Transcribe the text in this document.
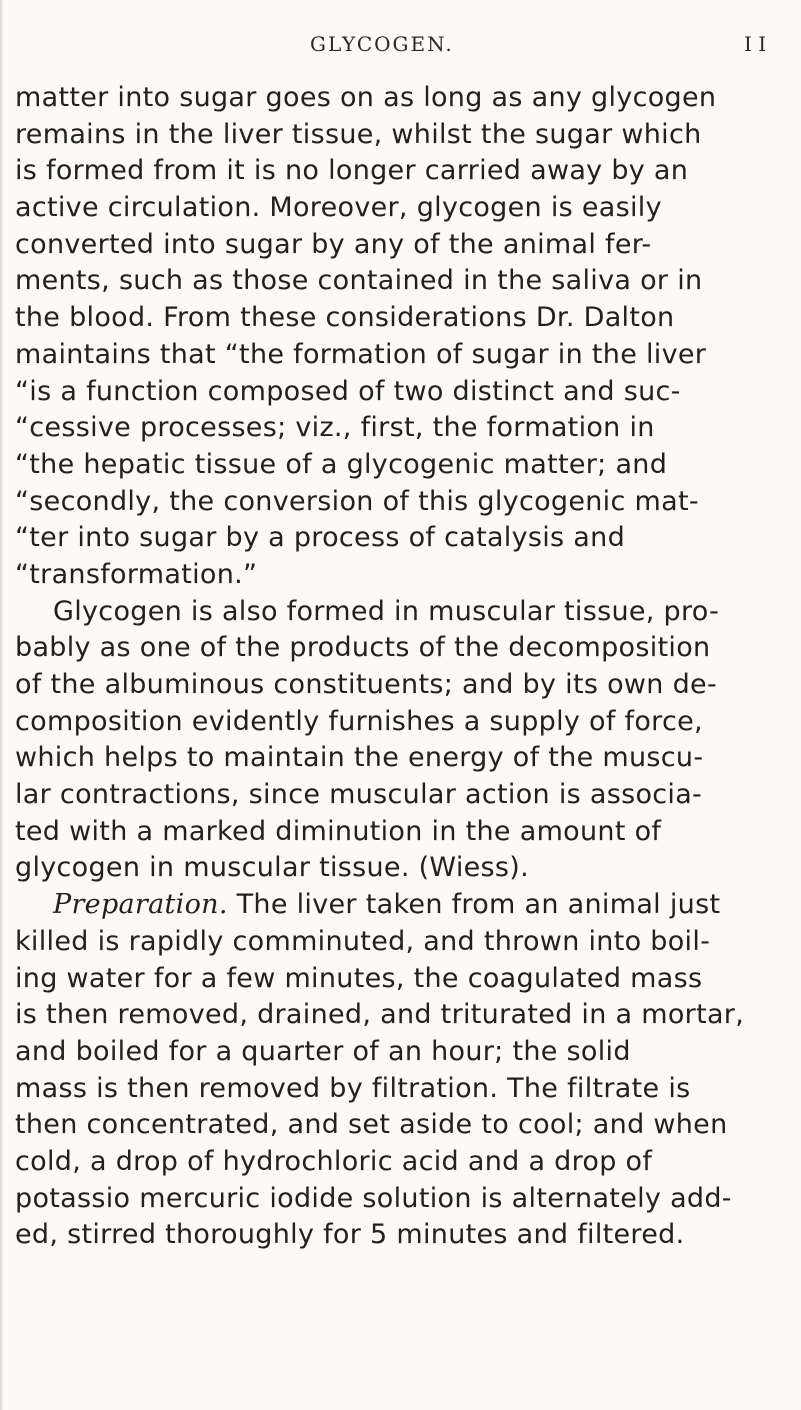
GLYCOGEN.	I I
matter into sugar goes on as long as any glycogen
remains in the liver tissue, whilst the sugar which
is formed from it is no longer carried away by an
active circulation. Moreover, glycogen is easily
converted into sugar by any of the animal fer-
ments, such as those contained in the saliva or in
the blood. From these considerations Dr. Dalton
maintains that “the formation of sugar in the liver
“is a function composed of two distinct and suc-
“cessive processes; viz., first, the formation in
“the hepatic tissue of a glycogenic matter; and
“secondly, the conversion of this glycogenic mat-
“ter into sugar by a process of catalysis and
“transformation.”
Glycogen is also formed in muscular tissue, pro-
bably as one of the products of the decomposition
of the albuminous constituents; and by its own de-
composition evidently furnishes a supply of force,
which helps to maintain the energy of the muscu-
lar contractions, since muscular action is associa-
ted with a marked diminution in the amount of
glycogen in muscular tissue. (Wiess).
Preparation. The liver taken from an animal just
killed is rapidly comminuted, and thrown into boil-
ing water for a few minutes, the coagulated mass
is then removed, drained, and triturated in a mortar,
and boiled for a quarter of an hour; the solid
mass is then removed by filtration. The filtrate is
then concentrated, and set aside to cool; and when
cold, a drop of hydrochloric acid and a drop of
potassio mercuric iodide solution is alternately add-
ed, stirred thoroughly for 5 minutes and filtered.
